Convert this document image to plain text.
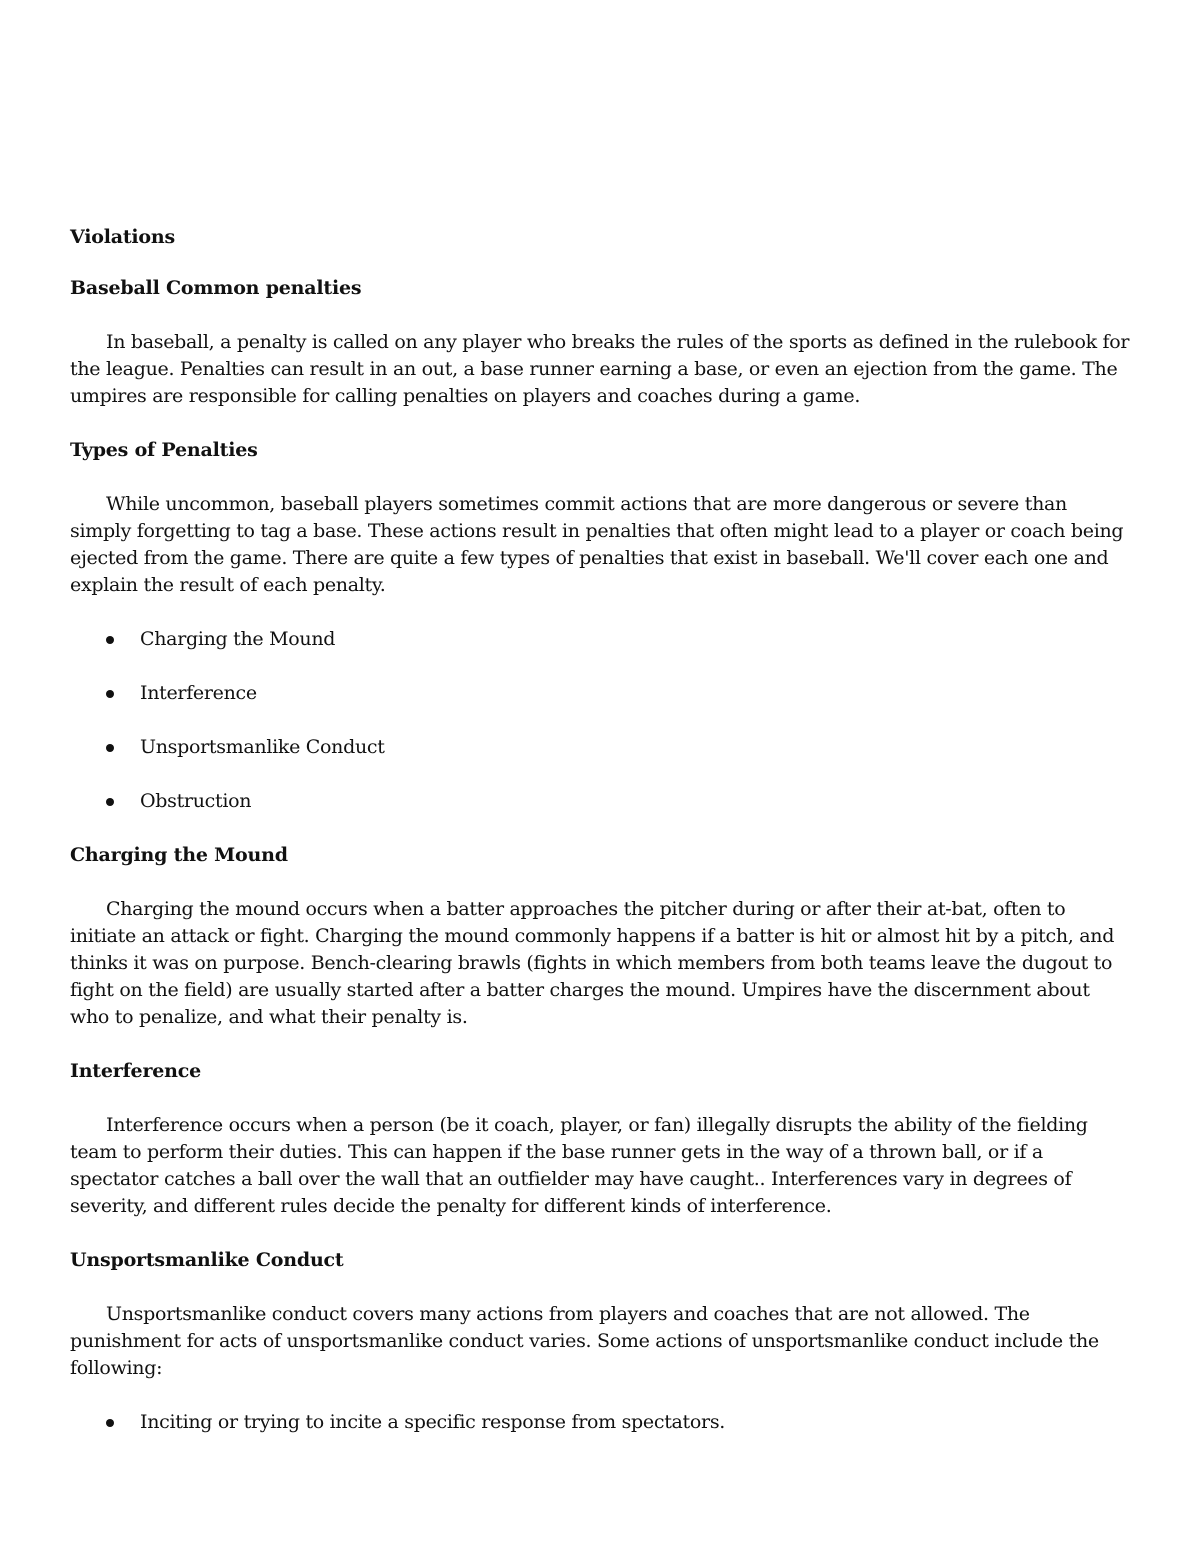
Violations

Baseball Common penalties

In baseball, a penalty is called on any player who breaks the rules of the sports as defined in the rulebook for the league. Penalties can result in an out, a base runner earning a base, or even an ejection from the game. The umpires are responsible for calling penalties on players and coaches during a game.

Types of Penalties

While uncommon, baseball players sometimes commit actions that are more dangerous or severe than simply forgetting to tag a base. These actions result in penalties that often might lead to a player or coach being ejected from the game. There are quite a few types of penalties that exist in baseball. We'll cover each one and explain the result of each penalty.

Charging the Mound
Interference
Unsportsmanlike Conduct
Obstruction

Charging the Mound

Charging the mound occurs when a batter approaches the pitcher during or after their at-bat, often to initiate an attack or fight. Charging the mound commonly happens if a batter is hit or almost hit by a pitch, and thinks it was on purpose. Bench-clearing brawls (fights in which members from both teams leave the dugout to fight on the field) are usually started after a batter charges the mound. Umpires have the discernment about who to penalize, and what their penalty is.

Interference

Interference occurs when a person (be it coach, player, or fan) illegally disrupts the ability of the fielding team to perform their duties. This can happen if the base runner gets in the way of a thrown ball, or if a spectator catches a ball over the wall that an outfielder may have caught.. Interferences vary in degrees of severity, and different rules decide the penalty for different kinds of interference.

Unsportsmanlike Conduct

Unsportsmanlike conduct covers many actions from players and coaches that are not allowed. The punishment for acts of unsportsmanlike conduct varies. Some actions of unsportsmanlike conduct include the following:

Inciting or trying to incite a specific response from spectators.
